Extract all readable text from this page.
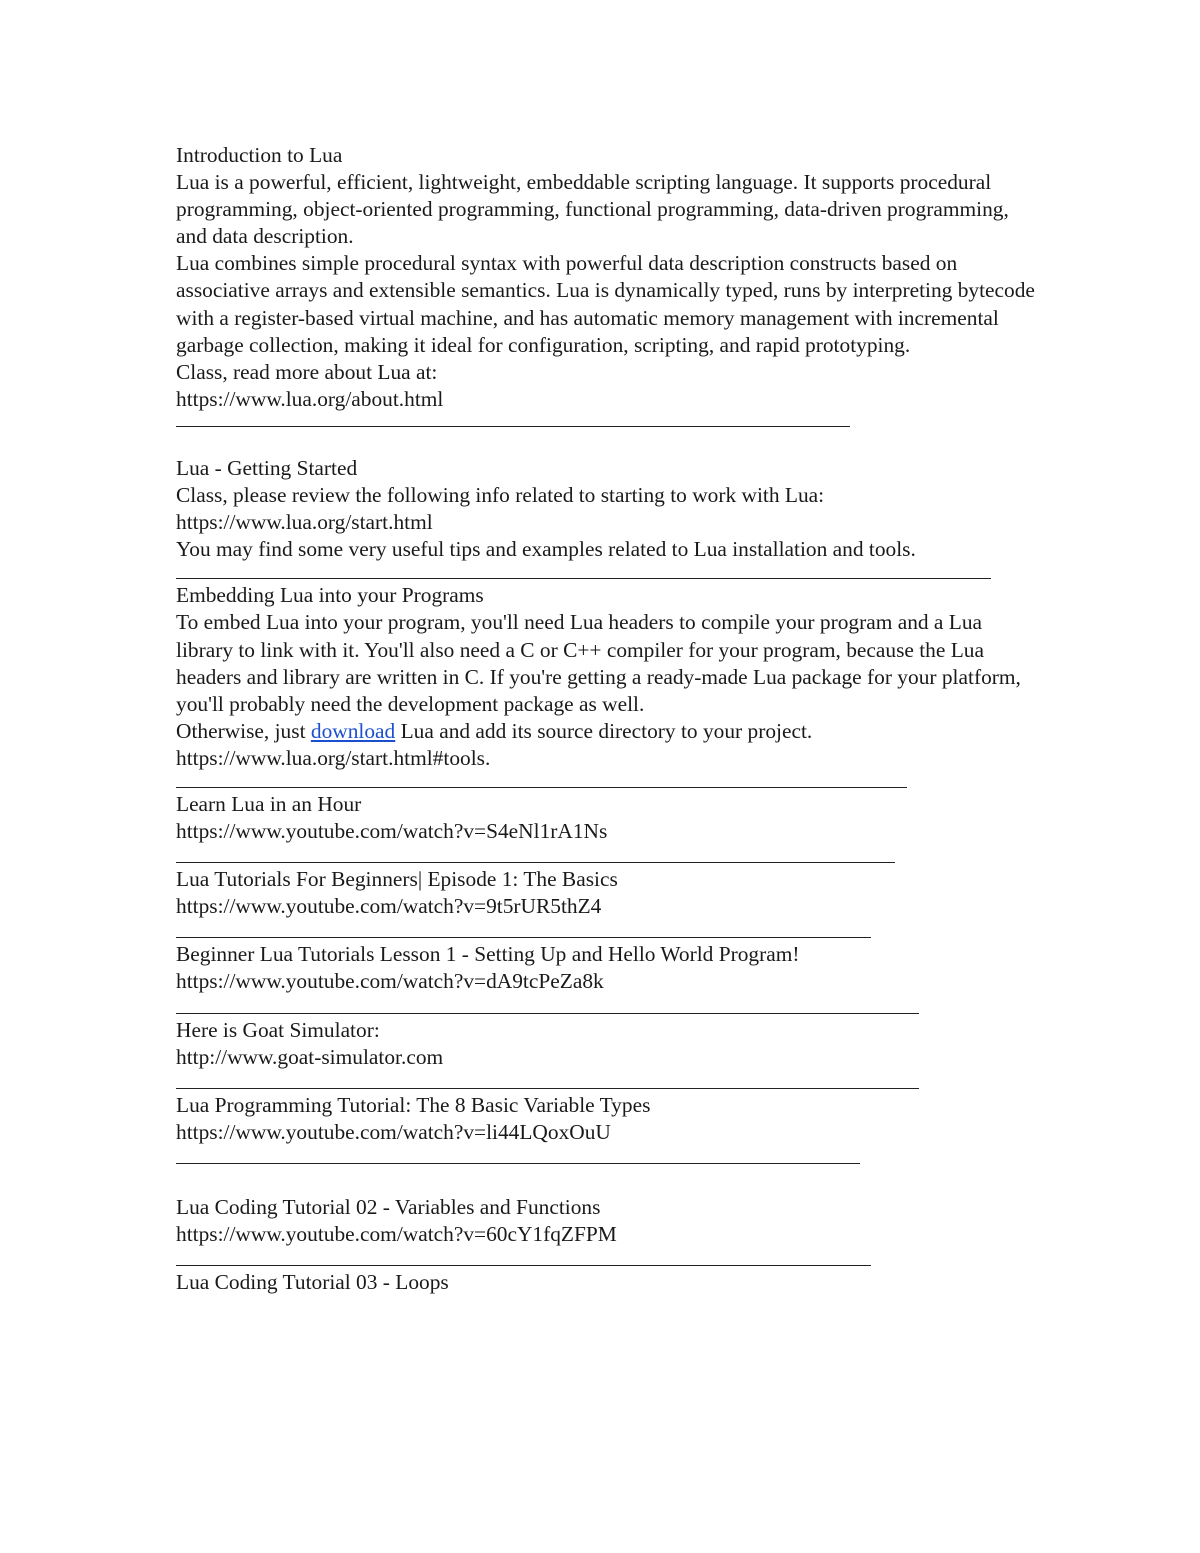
Introduction to Lua
Lua is a powerful, efficient, lightweight, embeddable scripting language. It supports procedural programming, object-oriented programming, functional programming, data-driven programming, and data description.
Lua combines simple procedural syntax with powerful data description constructs based on associative arrays and extensible semantics. Lua is dynamically typed, runs by interpreting bytecode with a register-based virtual machine, and has automatic memory management with incremental garbage collection, making it ideal for configuration, scripting, and rapid prototyping.
Class, read more about Lua at:
https://www.lua.org/about.html
Lua - Getting Started
Class, please review the following info related to starting to work with Lua:
https://www.lua.org/start.html
You may find some very useful tips and examples related to Lua installation and tools.
Embedding Lua into your Programs
To embed Lua into your program, you'll need Lua headers to compile your program and a Lua library to link with it. You'll also need a C or C++ compiler for your program, because the Lua headers and library are written in C. If you're getting a ready-made Lua package for your platform, you'll probably need the development package as well.
Otherwise, just download Lua and add its source directory to your project.
https://www.lua.org/start.html#tools.
Learn Lua in an Hour
https://www.youtube.com/watch?v=S4eNl1rA1Ns
Lua Tutorials For Beginners| Episode 1: The Basics
https://www.youtube.com/watch?v=9t5rUR5thZ4
Beginner Lua Tutorials Lesson 1 - Setting Up and Hello World Program!
https://www.youtube.com/watch?v=dA9tcPeZa8k
Here is Goat Simulator:
http://www.goat-simulator.com
Lua Programming Tutorial: The 8 Basic Variable Types
https://www.youtube.com/watch?v=li44LQoxOuU
Lua Coding Tutorial 02 - Variables and Functions
https://www.youtube.com/watch?v=60cY1fqZFPM
Lua Coding Tutorial 03 - Loops
